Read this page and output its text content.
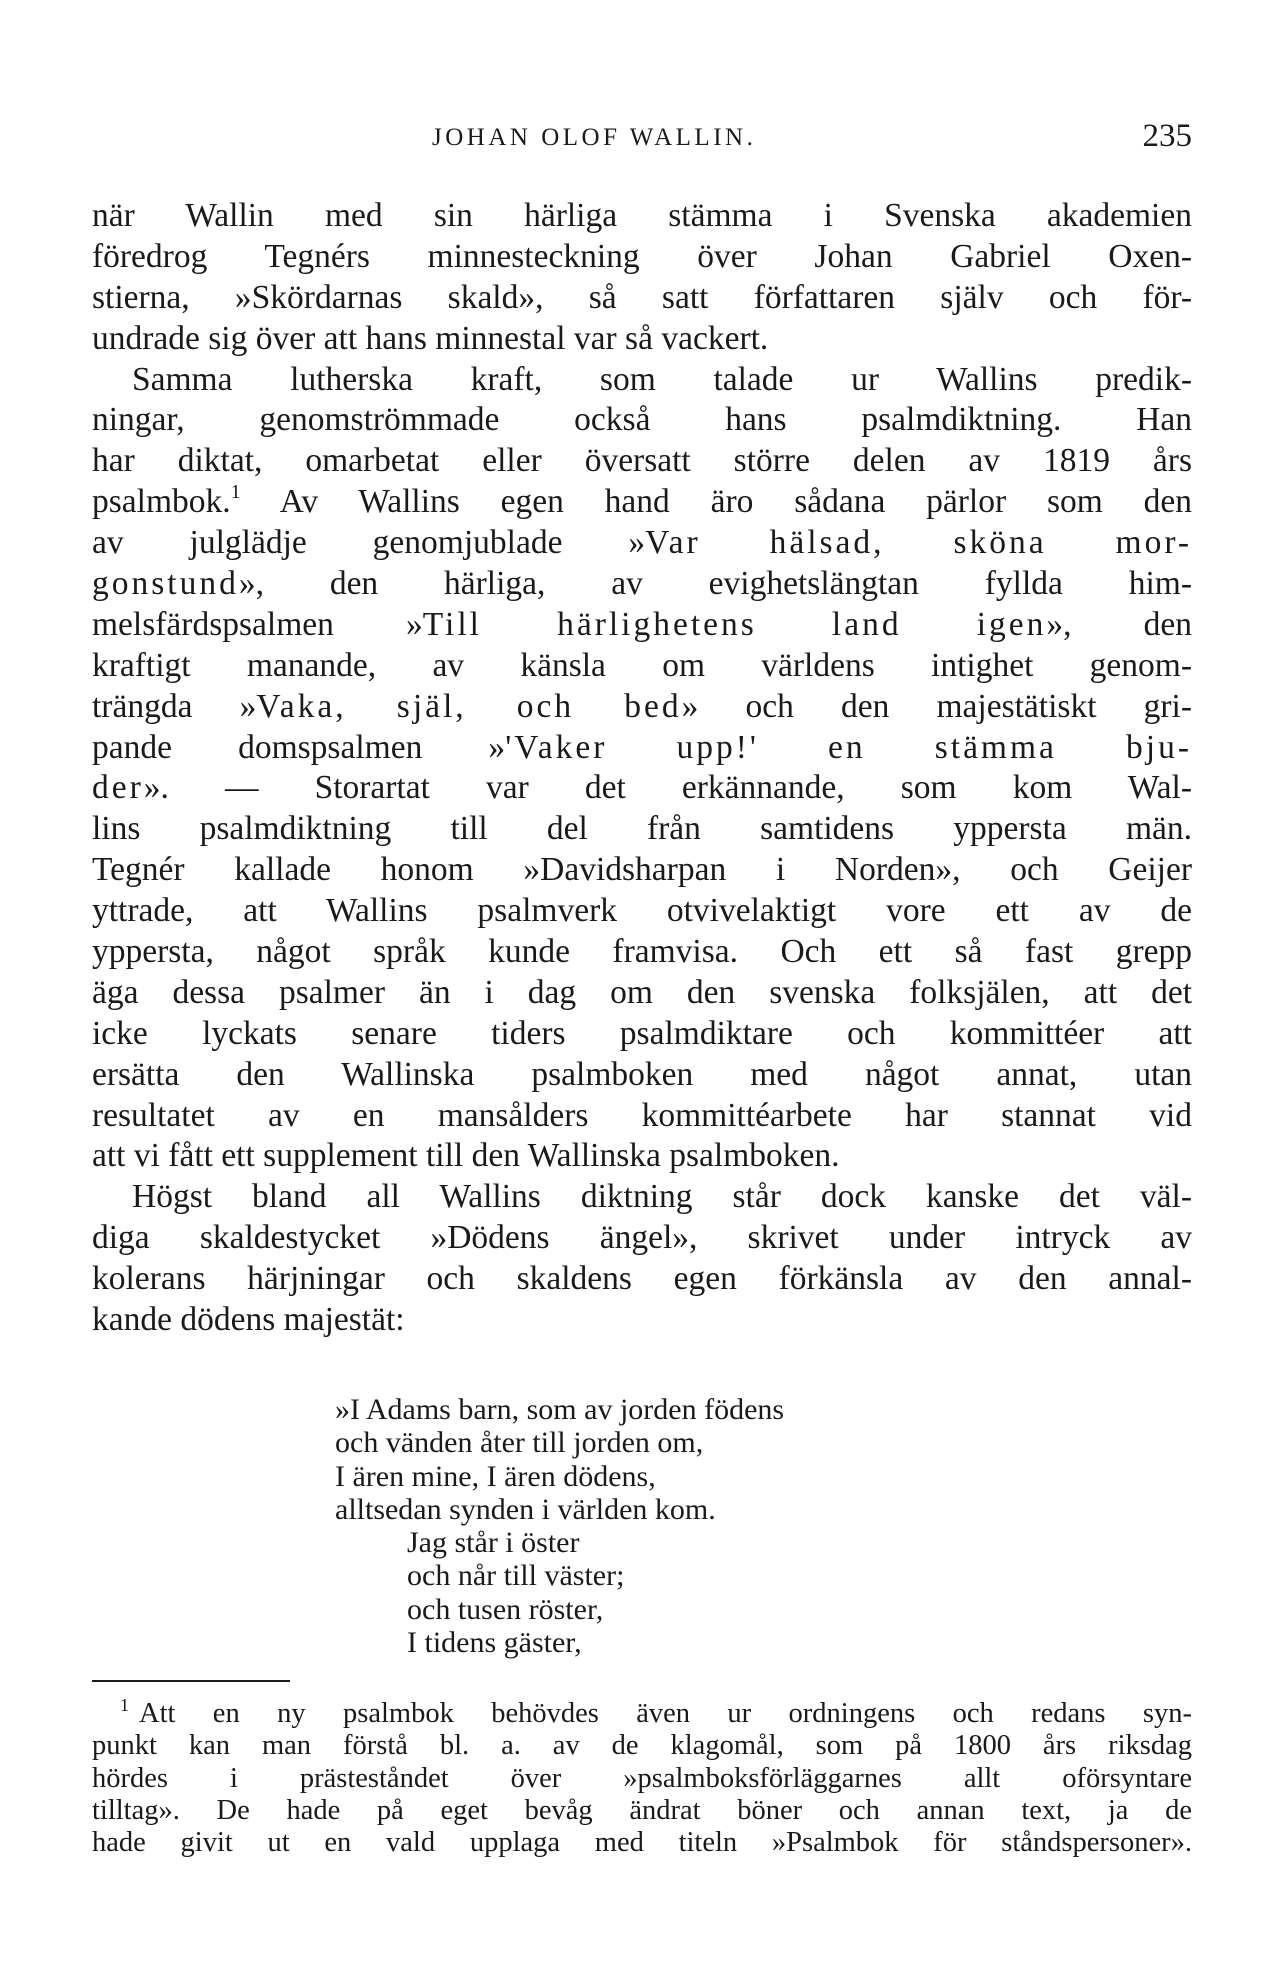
JOHAN OLOF WALLIN.	235
när Wallin med sin härliga stämma i Svenska akademien
föredrog Tegnérs minnesteckning över Johan Gabriel Oxen-
stierna, »Skördarnas skald», så satt författaren själv och för-
undrade sig över att hans minnestal var så vackert.
Samma lutherska kraft, som talade ur Wallins predik-
ningar, genomströmmade också hans psalmdiktning. Han
har diktat, omarbetat eller översatt större delen av 1819 års
psalmbok.$^1$ Av Wallins egen hand äro sådana pärlor som den
av julglädje genomjublade »Var hälsad, sköna mor-
gonstund», den härliga, av evighetslängtan fyllda him-
melsfärdspsalmen »Till härlighetens land igen», den
kraftigt manande, av känsla om världens intighet genom-
trängda »Vaka, själ, och bed» och den majestätiskt gri-
pande domspsalmen »'Vaker upp!' en stämma bju-
der». — Storartat var det erkännande, som kom Wal-
lins psalmdiktning till del från samtidens yppersta män.
Tegnér kallade honom »Davidsharpan i Norden», och Geijer
yttrade, att Wallins psalmverk otvivelaktigt vore ett av de
yppersta, något språk kunde framvisa. Och ett så fast grepp
äga dessa psalmer än i dag om den svenska folksjälen, att det
icke lyckats senare tiders psalmdiktare och kommittéer att
ersätta den Wallinska psalmboken med något annat, utan
resultatet av en mansålders kommittéarbete har stannat vid
att vi fått ett supplement till den Wallinska psalmboken.
Högst bland all Wallins diktning står dock kanske det väl-
diga skaldestycket »Dödens ängel», skrivet under intryck av
kolerans härjningar och skaldens egen förkänsla av den annal-
kande dödens majestät:
»I Adams barn, som av jorden födens
och vänden åter till jorden om,
I ären mine, I ären dödens,
alltsedan synden i världen kom.
Jag står i öster
och når till väster;
och tusen röster,
I tidens gäster,
$^1$ Att en ny psalmbok behövdes även ur ordningens och redans syn-
punkt kan man förstå bl. a. av de klagomål, som på 1800 års riksdag
hördes i prästeståndet över »psalmboksförläggarnes allt oförsyntare
tilltag». De hade på eget bevåg ändrat böner och annan text, ja de
hade givit ut en vald upplaga med titeln »Psalmbok för ståndspersoner».
